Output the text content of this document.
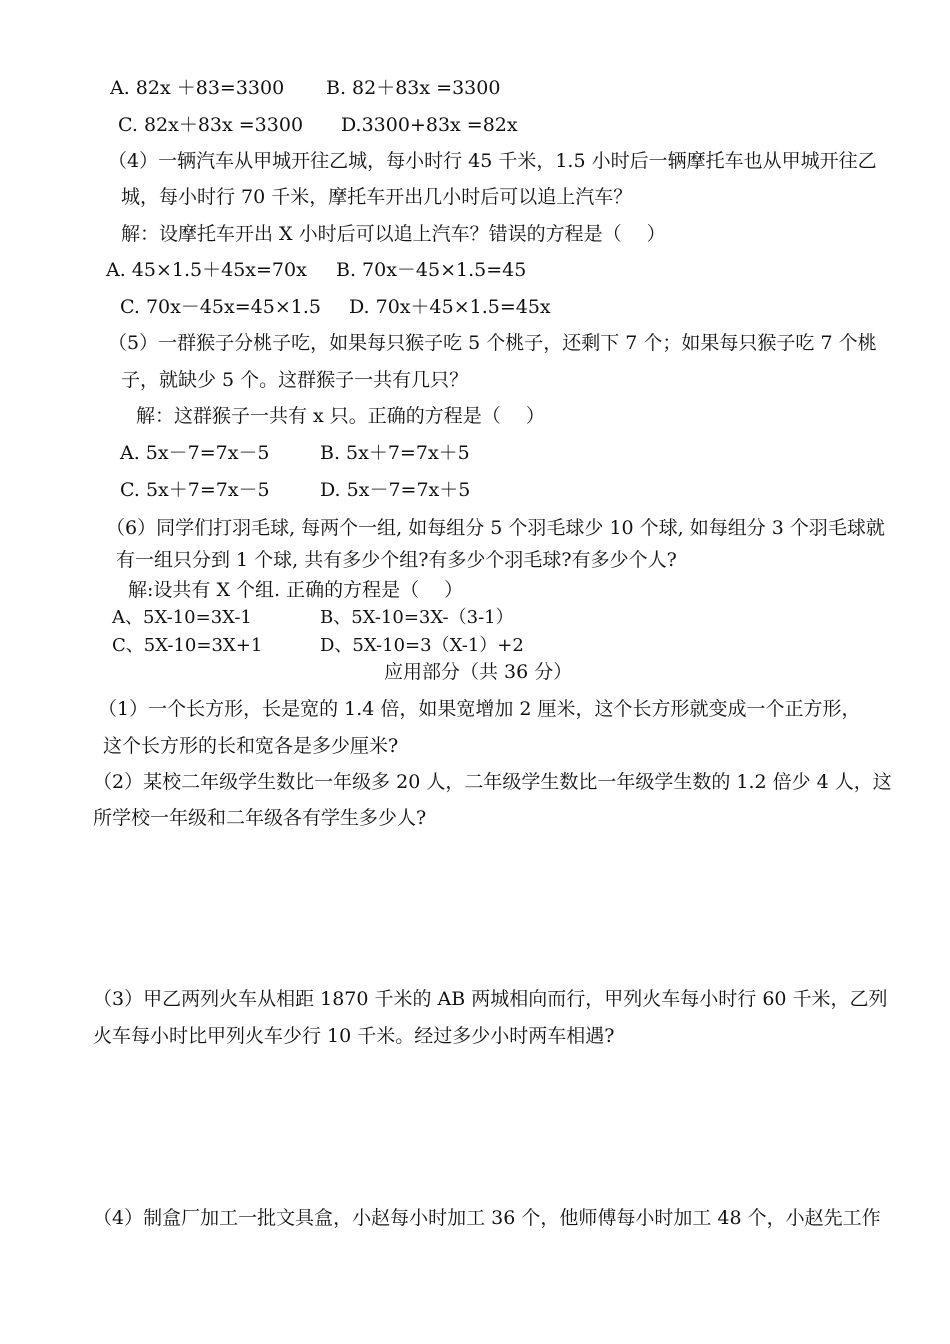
A. 82x ＋83=3300 B. 82＋83x =3300
C. 82x＋83x =3300 D.3300+83x =82x
（4）一辆汽车从甲城开往乙城，每小时行 45 千米，1.5 小时后一辆摩托车也从甲城开往乙
城，每小时行 70 千米，摩托车开出几小时后可以追上汽车？
解：设摩托车开出 X 小时后可以追上汽车？错误的方程是（　 ）
A. 45×1.5＋45x=70x B. 70x－45×1.5=45
C. 70x－45x=45×1.5 D. 70x＋45×1.5=45x
（5）一群猴子分桃子吃，如果每只猴子吃 5 个桃子，还剩下 7 个；如果每只猴子吃 7 个桃
子，就缺少 5 个。这群猴子一共有几只？
解：这群猴子一共有 x 只。正确的方程是（　 ）
A. 5x－7=7x－5	B. 5x＋7=7x＋5
C. 5x＋7=7x－5	D. 5x－7=7x＋5
（6）同学们打羽毛球, 每两个一组, 如每组分 5 个羽毛球少 10 个球, 如每组分 3 个羽毛球就
有一组只分到 1 个球, 共有多少个组?有多少个羽毛球?有多少个人?
解:设共有 X 个组. 正确的方程是（　 ）
A、5X-10=3X-1	B、5X-10=3X-（3-1）
C、5X-10=3X+1	D、5X-10=3（X-1）+2
应用部分（共 36 分）
（1）一个长方形，长是宽的 1.4 倍，如果宽增加 2 厘米，这个长方形就变成一个正方形，
这个长方形的长和宽各是多少厘米?
（2）某校二年级学生数比一年级多 20 人，二年级学生数比一年级学生数的 1.2 倍少 4 人，这
所学校一年级和二年级各有学生多少人?
（3）甲乙两列火车从相距 1870 千米的 AB 两城相向而行，甲列火车每小时行 60 千米，乙列
火车每小时比甲列火车少行 10 千米。经过多少小时两车相遇?
（4）制盒厂加工一批文具盒，小赵每小时加工 36 个，他师傅每小时加工 48 个，小赵先工作
